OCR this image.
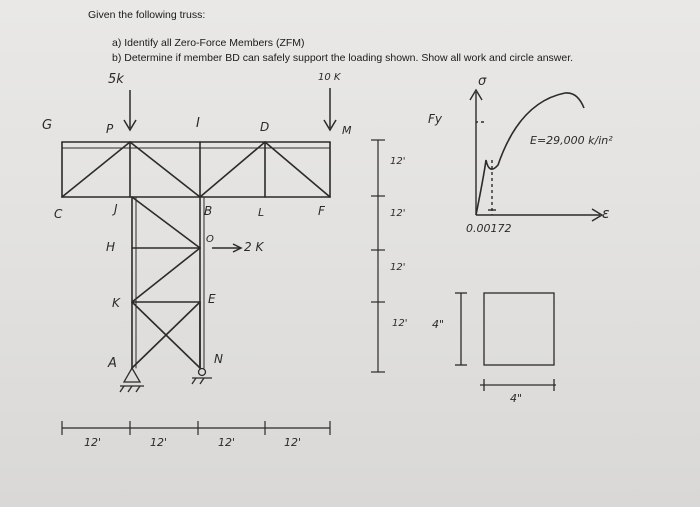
Given the following truss:
a) Identify all Zero-Force Members (ZFM)
b) Determine if member BD can safely support the loading shown. Show all work and circle answer.
5k	10 K
2 K
G	P	I	D	M
C	J	B	L	F
H
O
K	E
A	N
12'	12'	12'	12'
12'
12'
12'
12'
σ
Fy
E=29,000 k/in²
ε
0.00172
4"
4"
